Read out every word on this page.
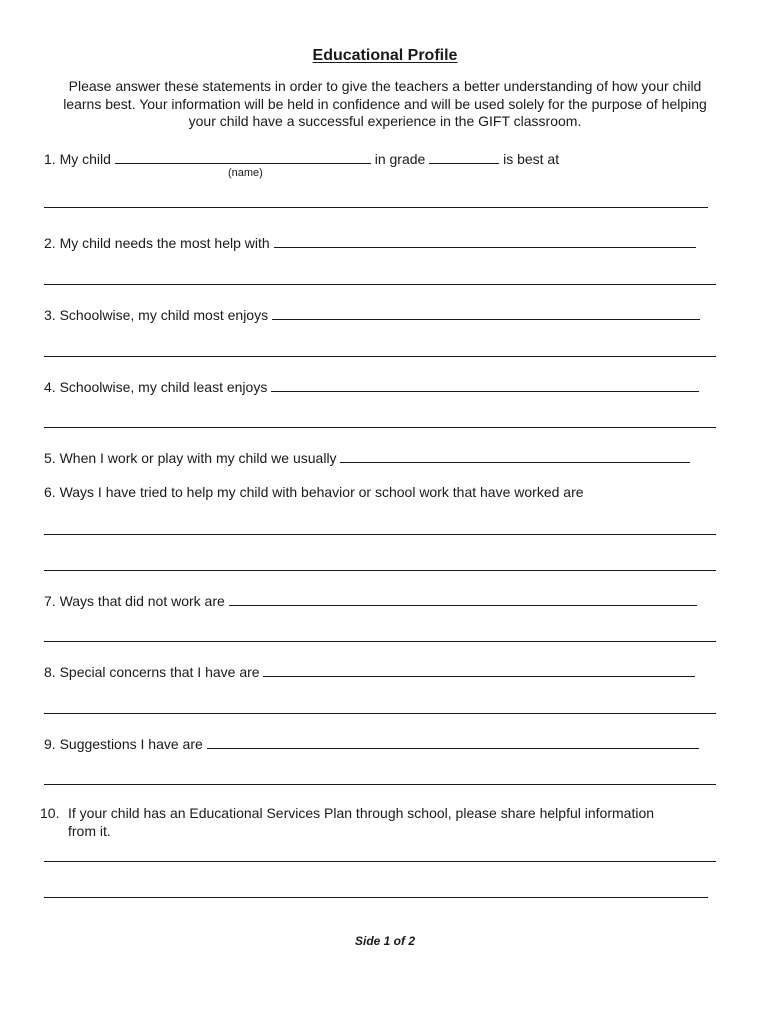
Educational Profile
Please answer these statements in order to give the teachers a better understanding of how your child learns best. Your information will be held in confidence and will be used solely for the purpose of helping your child have a successful experience in the GIFT classroom.
1. My child	in grade	is best at
(name)
2. My child needs the most help with
3. Schoolwise, my child most enjoys
4. Schoolwise, my child least enjoys
5. When I work or play with my child we usually
6. Ways I have tried to help my child with behavior or school work that have worked are
7. Ways that did not work are
8. Special concerns that I have are
9. Suggestions I have are
10. If your child has an Educational Services Plan through school, please share helpful information
from it.
Side 1 of 2
